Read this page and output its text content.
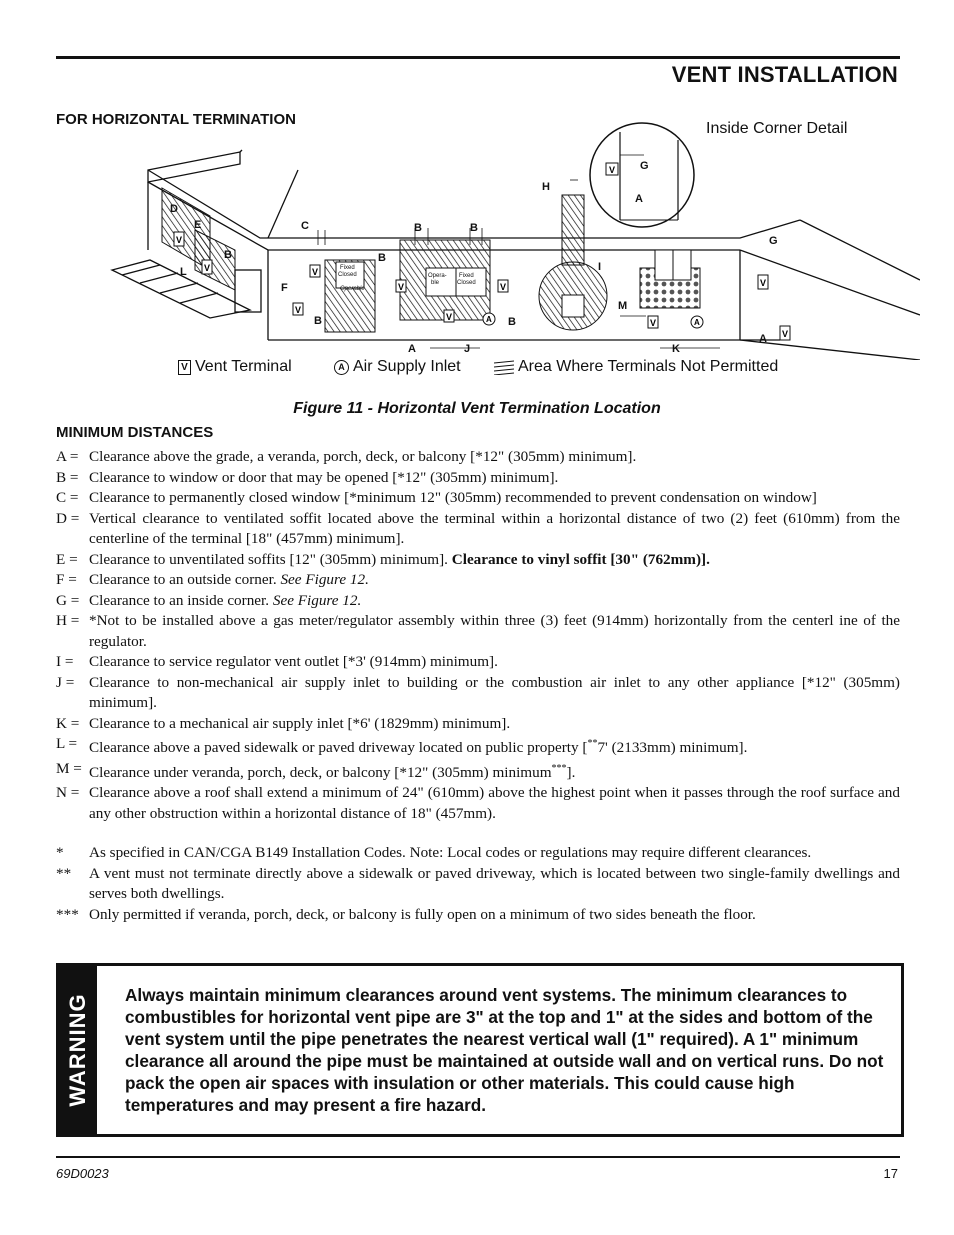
VENT INSTALLATION
FOR HORIZONTAL TERMINATION
Inside Corner Detail
Fixed
Closed
Operable
Opera-
ble
Fixed
Closed
D
E
B
L
F
C
B
B
B	B
A	J
B
H
I
M
K
A
G
G
A
V
V	V
V
V
V
V
V
V
V
V
A	A
V Vent Terminal	A Air Supply Inlet	Area Where Terminals Not Permitted
Figure 11 - Horizontal Vent Termination Location
MINIMUM DISTANCES
A = Clearance above the grade, a veranda, porch, deck, or balcony [*12" (305mm) minimum].
B = Clearance to window or door that may be opened [*12" (305mm) minimum].
C = Clearance to permanently closed window [*minimum 12" (305mm) recommended to prevent condensation on window]
D = Vertical clearance to ventilated soffit located above the terminal within a horizontal distance of two (2) feet (610mm) from the centerline of the terminal [18" (457mm) minimum].
E = Clearance to unventilated soffits [12" (305mm) minimum]. Clearance to vinyl soffit [30" (762mm)].
F = Clearance to an outside corner. See Figure 12.
G = Clearance to an inside corner. See Figure 12.
H = *Not to be installed above a gas meter/regulator assembly within three (3) feet (914mm) horizontally from the centerl ine of the regulator.
I =	Clearance to service regulator vent outlet [*3' (914mm) minimum].
J = Clearance to non-mechanical air supply inlet to building or the combustion air inlet to any other appliance [*12" (305mm) minimum].
K = Clearance to a mechanical air supply inlet [*6' (1829mm) minimum].
L = Clearance above a paved sidewalk or paved driveway located on public property [**7' (2133mm) minimum].
M = Clearance under veranda, porch, deck, or balcony [*12" (305mm) minimum***].
N = Clearance above a roof shall extend a minimum of 24" (610mm) above the highest point when it passes through the roof surface and any other obstruction within a horizontal distance of 18" (457mm).
*	As specified in CAN/CGA B149 Installation Codes. Note: Local codes or regulations may require different clearances.
**	A vent must not terminate directly above a sidewalk or paved driveway, which is located between two single-family dwellings and serves both dwellings.
*** Only permitted if veranda, porch, deck, or balcony is fully open on a minimum of two sides beneath the floor.
WARNING Always maintain minimum clearances around vent systems. The minimum clearances to combustibles for horizontal vent pipe are 3" at the top and 1" at the sides and bottom of the vent system until the pipe penetrates the nearest vertical wall (1" required). A 1" minimum clearance all around the pipe must be maintained at outside wall and on vertical runs. Do not pack the open air spaces with insulation or other materials. This could cause high temperatures and may present a fire hazard.
69D0023	17
